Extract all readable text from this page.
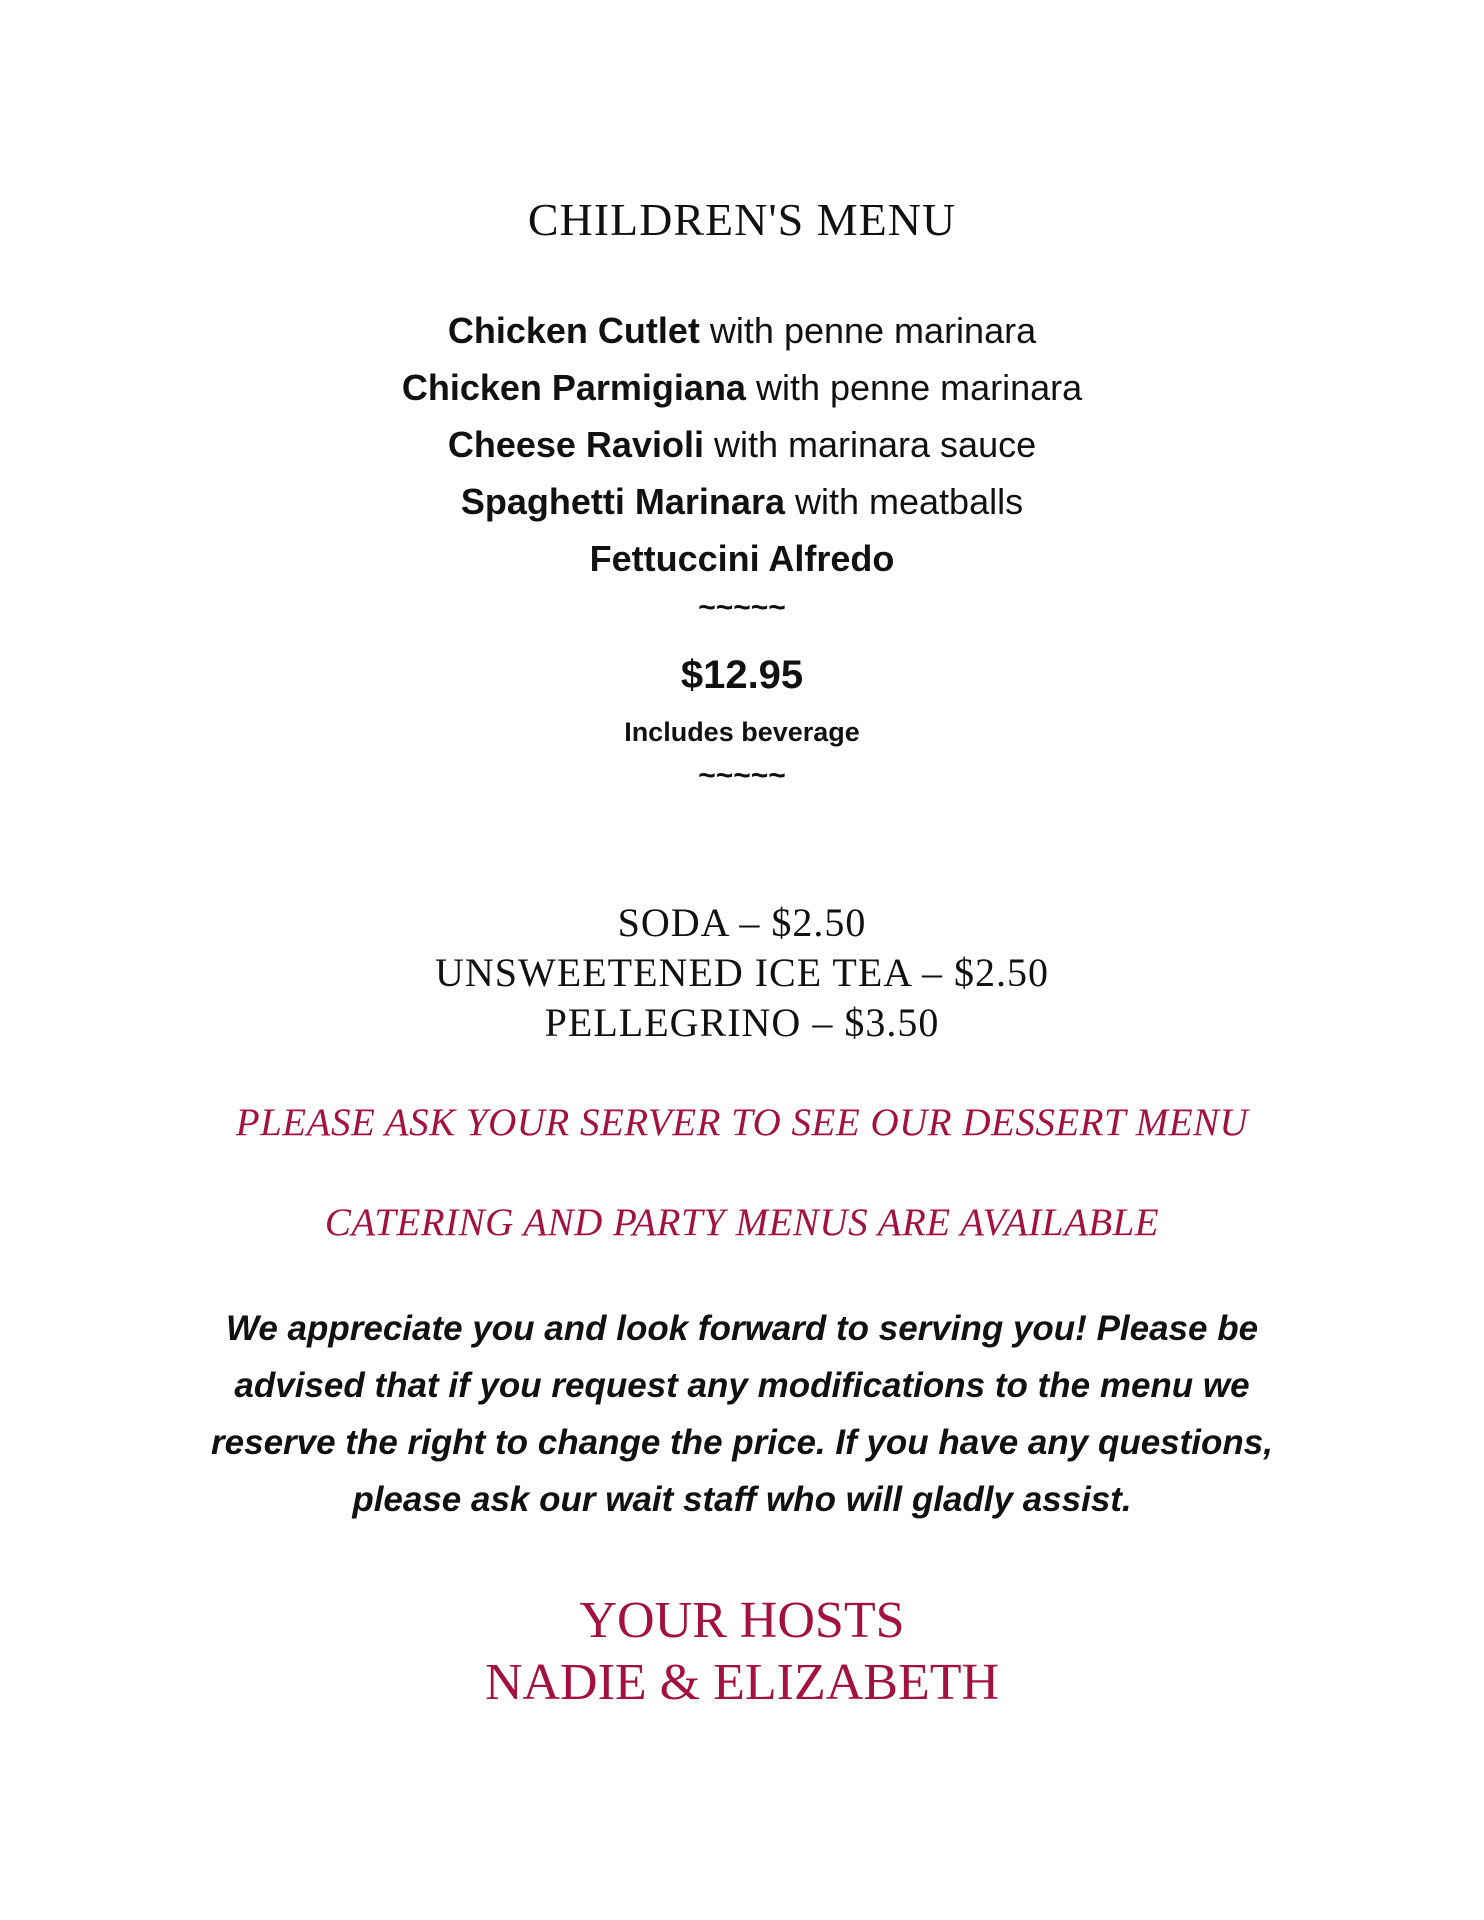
CHILDREN'S MENU
Chicken Cutlet with penne marinara
Chicken Parmigiana with penne marinara
Cheese Ravioli with marinara sauce
Spaghetti Marinara with meatballs
Fettuccini Alfredo
~~~~~
$12.95
Includes beverage
~~~~~
SODA – $2.50
UNSWEETENED ICE TEA – $2.50
PELLEGRINO – $3.50
PLEASE ASK YOUR SERVER TO SEE OUR DESSERT MENU
CATERING AND PARTY MENUS ARE AVAILABLE
We appreciate you and look forward to serving you! Please be
advised that if you request any modifications to the menu we
reserve the right to change the price. If you have any questions,
please ask our wait staff who will gladly assist.
YOUR HOSTS
NADIE & ELIZABETH
